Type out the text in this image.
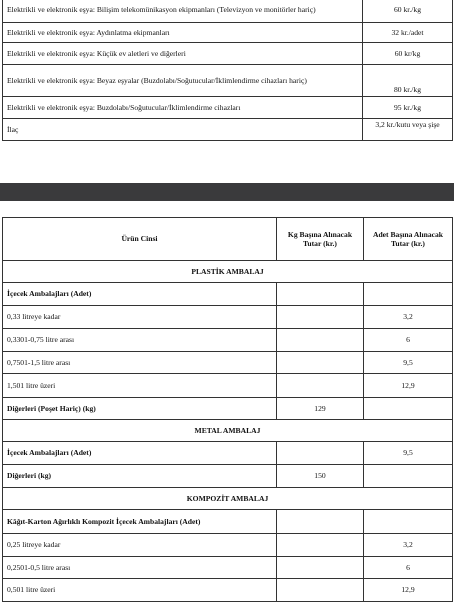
Elektrikli ve elektronik eşya: Bilişim telekomünikasyon ekipmanları (Televizyon ve monitörler hariç)	60 kr./kg
Elektrikli ve elektronik eşya: Aydınlatma ekipmanları	32 kr./adet
Elektrikli ve elektronik eşya: Küçük ev aletleri ve diğerleri	60 kr/kg
Elektrikli ve elektronik eşya: Beyaz eşyalar (Buzdolabı/Soğutucular/İklimlendirme cihazları hariç)	80 kr./kg
Elektrikli ve elektronik eşya: Buzdolabı/Soğutucular/İklimlendirme cihazları	95 kr./kg
İlaç	3,2 kr./kutu veya şişe
Ürün Cinsi	Kg Başına Alınacak Tutar (kr.)	Adet Başına Alınacak Tutar (kr.)
PLASTİK AMBALAJ		
İçecek Ambalajları (Adet)		
0,33 litreye kadar		3,2
0,3301-0,75 litre arası		6
0,7501-1,5 litre arası		9,5
1,501 litre üzeri		12,9
Diğerleri (Poşet Hariç) (kg)	129	
METAL AMBALAJ		
İçecek Ambalajları (Adet)		9,5
Diğerleri (kg)	150	
KOMPOZİT AMBALAJ		
Kâğıt-Karton Ağırlıklı Kompozit İçecek Ambalajları (Adet)		
0,25 litreye kadar		3,2
0,2501-0,5 litre arası		6
0,501 litre üzeri		12,9
